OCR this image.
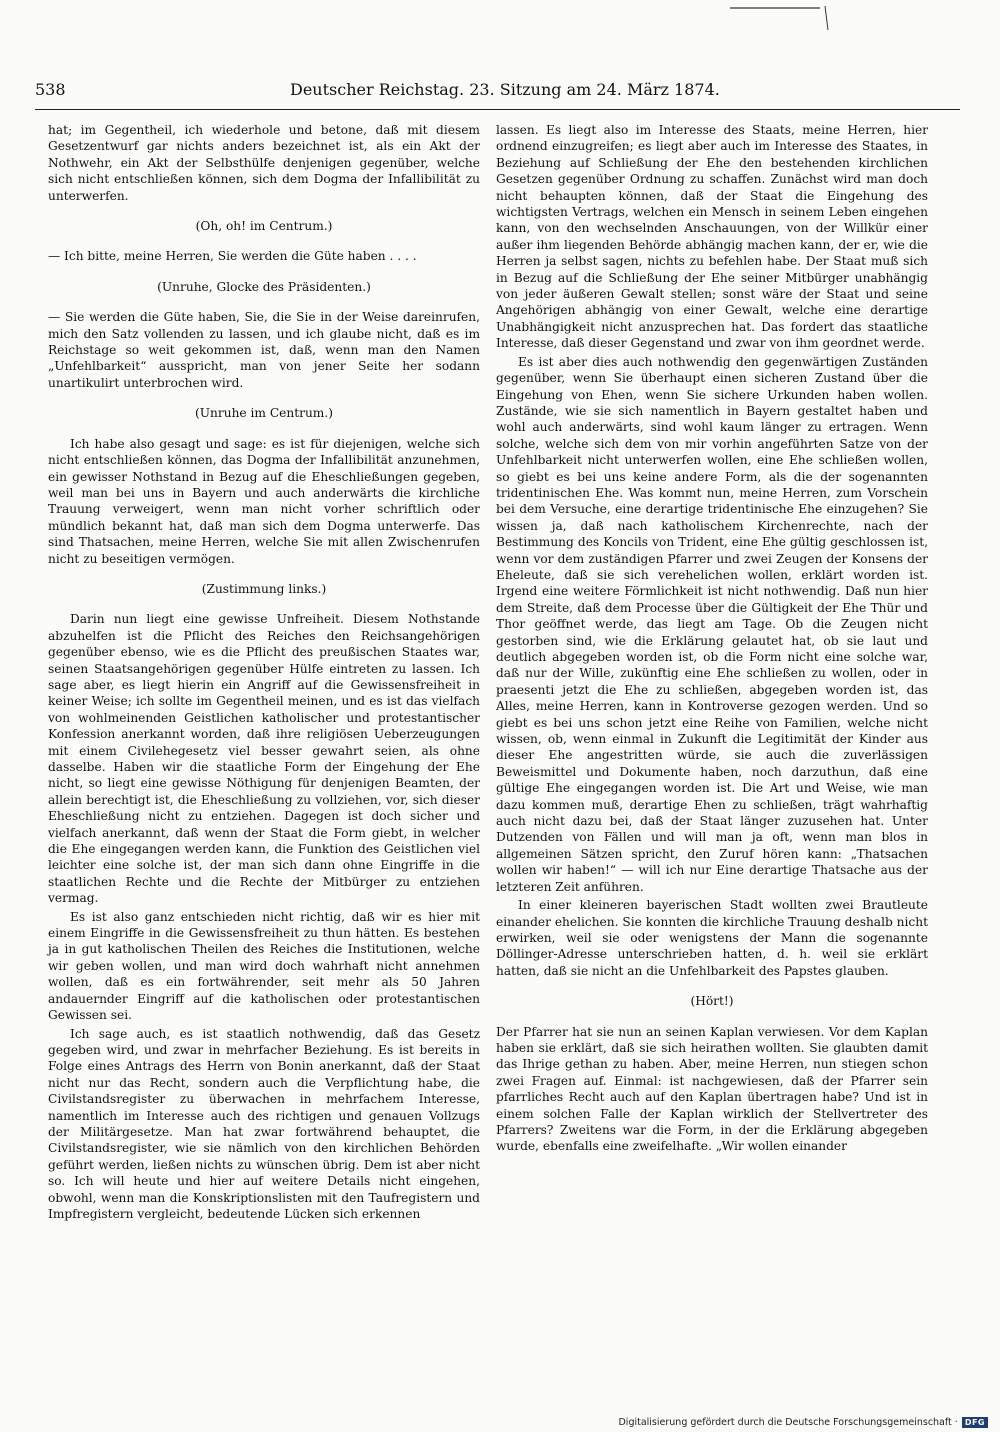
538	Deutscher Reichstag. 23. Sitzung am 24. März 1874.

hat; im Gegentheil, ich wiederhole und betone, daß mit diesem Gesetzentwurf gar nichts anders bezeichnet ist, als ein Akt der Nothwehr, ein Akt der Selbsthülfe denjenigen gegenüber, welche sich nicht entschließen können, sich dem Dogma der Infallibilität zu unterwerfen.

(Oh, oh! im Centrum.)

— Ich bitte, meine Herren, Sie werden die Güte haben . . . .

(Unruhe, Glocke des Präsidenten.)

— Sie werden die Güte haben, Sie, die Sie in der Weise dareinrufen, mich den Satz vollenden zu lassen, und ich glaube nicht, daß es im Reichstage so weit gekommen ist, daß, wenn man den Namen „Unfehlbarkeit“ ausspricht, man von jener Seite her sodann unartikulirt unterbrochen wird.

(Unruhe im Centrum.)

Ich habe also gesagt und sage: es ist für diejenigen, welche sich nicht entschließen können, das Dogma der Infallibilität anzunehmen, ein gewisser Nothstand in Bezug auf die Eheschließungen gegeben, weil man bei uns in Bayern und auch anderwärts die kirchliche Trauung verweigert, wenn man nicht vorher schriftlich oder mündlich bekannt hat, daß man sich dem Dogma unterwerfe. Das sind Thatsachen, meine Herren, welche Sie mit allen Zwischenrufen nicht zu beseitigen vermögen.

(Zustimmung links.)

Darin nun liegt eine gewisse Unfreiheit. Diesem Nothstande abzuhelfen ist die Pflicht des Reiches den Reichsangehörigen gegenüber ebenso, wie es die Pflicht des preußischen Staates war, seinen Staatsangehörigen gegenüber Hülfe eintreten zu lassen. Ich sage aber, es liegt hierin ein Angriff auf die Gewissensfreiheit in keiner Weise; ich sollte im Gegentheil meinen, und es ist das vielfach von wohlmeinenden Geistlichen katholischer und protestantischer Konfession anerkannt worden, daß ihre religiösen Ueberzeugungen mit einem Civilehegesetz viel besser gewahrt seien, als ohne dasselbe. Haben wir die staatliche Form der Eingehung der Ehe nicht, so liegt eine gewisse Nöthigung für denjenigen Beamten, der allein berechtigt ist, die Eheschließung zu vollziehen, vor, sich dieser Eheschließung nicht zu entziehen. Dagegen ist doch sicher und vielfach anerkannt, daß wenn der Staat die Form giebt, in welcher die Ehe eingegangen werden kann, die Funktion des Geistlichen viel leichter eine solche ist, der man sich dann ohne Eingriffe in die staatlichen Rechte und die Rechte der Mitbürger zu entziehen vermag.

Es ist also ganz entschieden nicht richtig, daß wir es hier mit einem Eingriffe in die Gewissensfreiheit zu thun hätten. Es bestehen ja in gut katholischen Theilen des Reiches die Institutionen, welche wir geben wollen, und man wird doch wahrhaft nicht annehmen wollen, daß es ein fortwährender, seit mehr als 50 Jahren andauernder Eingriff auf die katholischen oder protestantischen Gewissen sei.

Ich sage auch, es ist staatlich nothwendig, daß das Gesetz gegeben wird, und zwar in mehrfacher Beziehung. Es ist bereits in Folge eines Antrags des Herrn von Bonin anerkannt, daß der Staat nicht nur das Recht, sondern auch die Verpflichtung habe, die Civilstandsregister zu überwachen in mehrfachem Interesse, namentlich im Interesse auch des richtigen und genauen Vollzugs der Militärgesetze. Man hat zwar fortwährend behauptet, die Civilstandsregister, wie sie nämlich von den kirchlichen Behörden geführt werden, ließen nichts zu wünschen übrig. Dem ist aber nicht so. Ich will heute und hier auf weitere Details nicht eingehen, obwohl, wenn man die Konskriptionslisten mit den Taufregistern und Impfregistern vergleicht, bedeutende Lücken sich erkennen

lassen. Es liegt also im Interesse des Staats, meine Herren, hier ordnend einzugreifen; es liegt aber auch im Interesse des Staates, in Beziehung auf Schließung der Ehe den bestehenden kirchlichen Gesetzen gegenüber Ordnung zu schaffen. Zunächst wird man doch nicht behaupten können, daß der Staat die Eingehung des wichtigsten Vertrags, welchen ein Mensch in seinem Leben eingehen kann, von den wechselnden Anschauungen, von der Willkür einer außer ihm liegenden Behörde abhängig machen kann, der er, wie die Herren ja selbst sagen, nichts zu befehlen habe. Der Staat muß sich in Bezug auf die Schließung der Ehe seiner Mitbürger unabhängig von jeder äußeren Gewalt stellen; sonst wäre der Staat und seine Angehörigen abhängig von einer Gewalt, welche eine derartige Unabhängigkeit nicht anzusprechen hat. Das fordert das staatliche Interesse, daß dieser Gegenstand und zwar von ihm geordnet werde.

Es ist aber dies auch nothwendig den gegenwärtigen Zuständen gegenüber, wenn Sie überhaupt einen sicheren Zustand über die Eingehung von Ehen, wenn Sie sichere Urkunden haben wollen. Zustände, wie sie sich namentlich in Bayern gestaltet haben und wohl auch anderwärts, sind wohl kaum länger zu ertragen. Wenn solche, welche sich dem von mir vorhin angeführten Satze von der Unfehlbarkeit nicht unterwerfen wollen, eine Ehe schließen wollen, so giebt es bei uns keine andere Form, als die der sogenannten tridentinischen Ehe. Was kommt nun, meine Herren, zum Vorschein bei dem Versuche, eine derartige tridentinische Ehe einzugehen? Sie wissen ja, daß nach katholischem Kirchenrechte, nach der Bestimmung des Koncils von Trident, eine Ehe gültig geschlossen ist, wenn vor dem zuständigen Pfarrer und zwei Zeugen der Konsens der Eheleute, daß sie sich verehelichen wollen, erklärt worden ist. Irgend eine weitere Förmlichkeit ist nicht nothwendig. Daß nun hier dem Streite, daß dem Processe über die Gültigkeit der Ehe Thür und Thor geöffnet werde, das liegt am Tage. Ob die Zeugen nicht gestorben sind, wie die Erklärung gelautet hat, ob sie laut und deutlich abgegeben worden ist, ob die Form nicht eine solche war, daß nur der Wille, zukünftig eine Ehe schließen zu wollen, oder in praesenti jetzt die Ehe zu schließen, abgegeben worden ist, das Alles, meine Herren, kann in Kontroverse gezogen werden. Und so giebt es bei uns schon jetzt eine Reihe von Familien, welche nicht wissen, ob, wenn einmal in Zukunft die Legitimität der Kinder aus dieser Ehe angestritten würde, sie auch die zuverlässigen Beweismittel und Dokumente haben, noch darzuthun, daß eine gültige Ehe eingegangen worden ist. Die Art und Weise, wie man dazu kommen muß, derartige Ehen zu schließen, trägt wahrhaftig auch nicht dazu bei, daß der Staat länger zuzusehen hat. Unter Dutzenden von Fällen und will man ja oft, wenn man blos in allgemeinen Sätzen spricht, den Zuruf hören kann: „Thatsachen wollen wir haben!“ — will ich nur Eine derartige Thatsache aus der letzteren Zeit anführen.

In einer kleineren bayerischen Stadt wollten zwei Brautleute einander ehelichen. Sie konnten die kirchliche Trauung deshalb nicht erwirken, weil sie oder wenigstens der Mann die sogenannte Döllinger-Adresse unterschrieben hatten, d. h. weil sie erklärt hatten, daß sie nicht an die Unfehlbarkeit des Papstes glauben.

(Hört!)

Der Pfarrer hat sie nun an seinen Kaplan verwiesen. Vor dem Kaplan haben sie erklärt, daß sie sich heirathen wollten. Sie glaubten damit das Ihrige gethan zu haben. Aber, meine Herren, nun stiegen schon zwei Fragen auf. Einmal: ist nachgewiesen, daß der Pfarrer sein pfarrliches Recht auch auf den Kaplan übertragen habe? Und ist in einem solchen Falle der Kaplan wirklich der Stellvertreter des Pfarrers? Zweitens war die Form, in der die Erklärung abgegeben wurde, ebenfalls eine zweifelhafte. „Wir wollen einander

Digitalisierung gefördert durch die Deutsche Forschungsgemeinschaft · DFG
